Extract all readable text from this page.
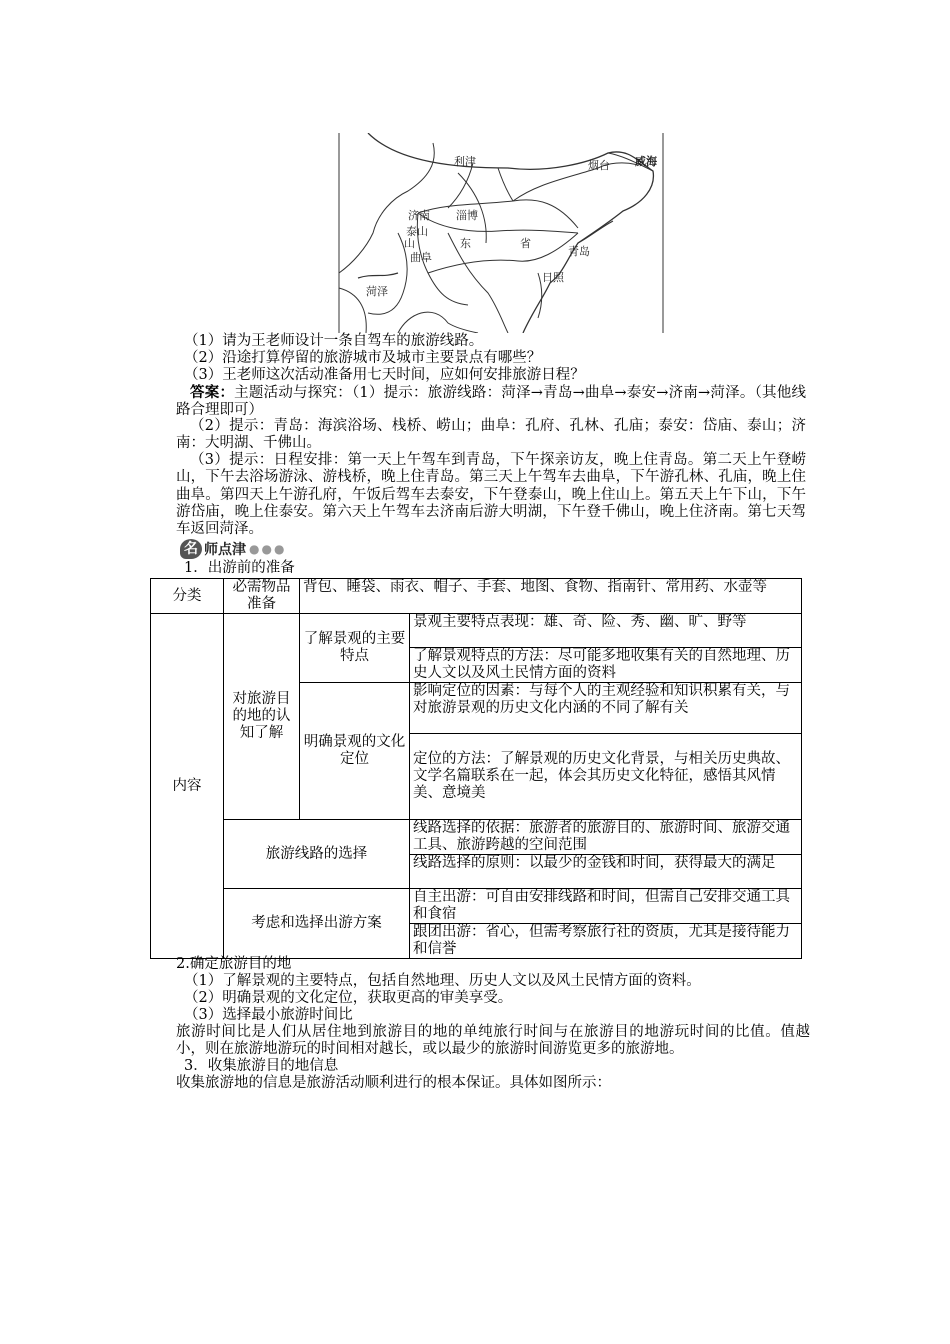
利津	烟台 威海
济南 淄博
泰山
山	东	省
曲阜	青岛
日照
菏泽
（1）请为王老师设计一条自驾车的旅游线路。
（2）沿途打算停留的旅游城市及城市主要景点有哪些？
（3）王老师这次活动准备用七天时间，应如何安排旅游日程？
答案：主题活动与探究：（1）提示：旅游线路：菏泽→青岛→曲阜→泰安→济南→菏泽。（其他线路合理即可）
（2）提示：青岛：海滨浴场、栈桥、崂山；曲阜：孔府、孔林、孔庙；泰安：岱庙、泰山；济南：大明湖、千佛山。
（3）提示：日程安排：第一天上午驾车到青岛，下午探亲访友，晚上住青岛。第二天上午登崂山，下午去浴场游泳、游栈桥，晚上住青岛。第三天上午驾车去曲阜，下午游孔林、孔庙，晚上住曲阜。第四天上午游孔府，午饭后驾车去泰安，下午登泰山，晚上住山上。第五天上午下山，下午游岱庙，晚上住泰安。第六天上午驾车去济南后游大明湖，下午登千佛山，晚上住济南。第七天驾车返回菏泽。
名 师点津 ●●●
1．出游前的准备
分类	必需物品准备	背包、睡袋、雨衣、帽子、手套、地图、食物、指南针、常用药、水壶等	
内容	对旅游目的地的认知了解	了解景观的主要特点	景观主要特点表现：雄、奇、险、秀、幽、旷、野等
			了解景观特点的方法：尽可能多地收集有关的自然地理、历史人文以及风土民情方面的资料
		明确景观的文化定位	影响定位的因素：与每个人的主观经验和知识积累有关，与对旅游景观的历史文化内涵的不同了解有关
			定位的方法：了解景观的历史文化背景，与相关历史典故、文学名篇联系在一起，体会其历史文化特征，感悟其风情美、意境美
	旅游线路的选择		线路选择的依据：旅游者的旅游目的、旅游时间、旅游交通工具、旅游跨越的空间范围
			线路选择的原则：以最少的金钱和时间，获得最大的满足
	考虑和选择出游方案		自主出游：可自由安排线路和时间，但需自己安排交通工具和食宿
			跟团出游：省心，但需考察旅行社的资质，尤其是接待能力和信誉
2.确定旅游目的地
（1）了解景观的主要特点，包括自然地理、历史人文以及风土民情方面的资料。
（2）明确景观的文化定位，获取更高的审美享受。
（3）选择最小旅游时间比
旅游时间比是人们从居住地到旅游目的地的单纯旅行时间与在旅游目的地游玩时间的比值。值越小，则在旅游地游玩的时间相对越长，或以最少的旅游时间游览更多的旅游地。
3．收集旅游目的地信息
收集旅游地的信息是旅游活动顺利进行的根本保证。具体如图所示：
